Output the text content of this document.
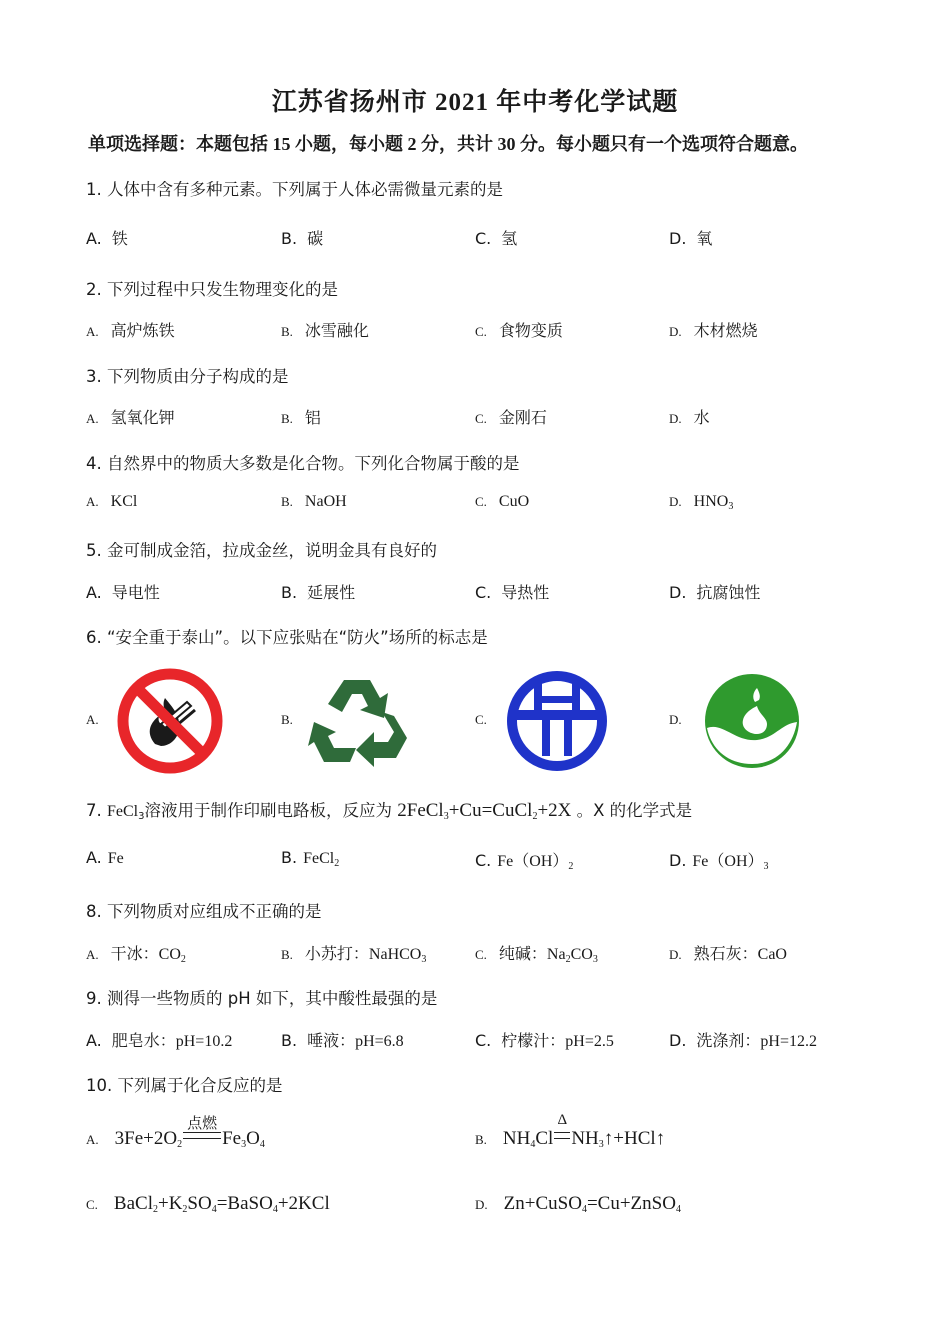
江苏省扬州市 2021 年中考化学试题
单项选择题：本题包括 15 小题，每小题 2 分，共计 30 分。每小题只有一个选项符合题意。
1. 人体中含有多种元素。下列属于人体必需微量元素的是
A. 铁	B. 碳	C. 氢	D. 氧
2. 下列过程中只发生物理变化的是
A. 高炉炼铁	B. 冰雪融化	C. 食物变质	D. 木材燃烧
3. 下列物质由分子构成的是
A. 氢氧化钾	B. 铝	C. 金刚石	D. 水
4. 自然界中的物质大多数是化合物。下列化合物属于酸的是
A. KCl	B. NaOH	C. CuO	D. $HNO_3$
5. 金可制成金箔，拉成金丝，说明金具有良好的
A. 导电性	B. 延展性	C. 导热性	D. 抗腐蚀性
6. “安全重于泰山”。以下应张贴在“防火”场所的标志是
A.	B.	C.	D.
7. FeCl$_3$溶液用于制作印刷电路板，反应为 2FeCl$_3$+Cu=CuCl$_2$+2X 。X 的化学式是
A. Fe	B. FeCl$_2$	C. $Fe(OH)_2$	D. $Fe(OH)_3$
8. 下列物质对应组成不正确的是
A. 干冰：$CO_2$	B. 小苏打：NaHCO$_3$	C. 纯碱：$Na_2CO_3$	D. 熟石灰：CaO
9. 测得一些物质的 pH 如下，其中酸性最强的是
A. 肥皂水：pH=10.2	B. 唾液：pH=6.8	C. 柠檬汁：pH=2.5	D. 洗涤剂：pH=12.2
10. 下列属于化合反应的是
A. $3Fe+2O_2$
点燃
$Fe_3O_4$	B. $NH_4Cl$
Δ
$NH_3↑+HCl↑$
C. $BaCl_2+K_2SO_4=BaSO_4+2KCl$	D. Zn+CuSO$_4$=Cu+ZnSO$_4$
